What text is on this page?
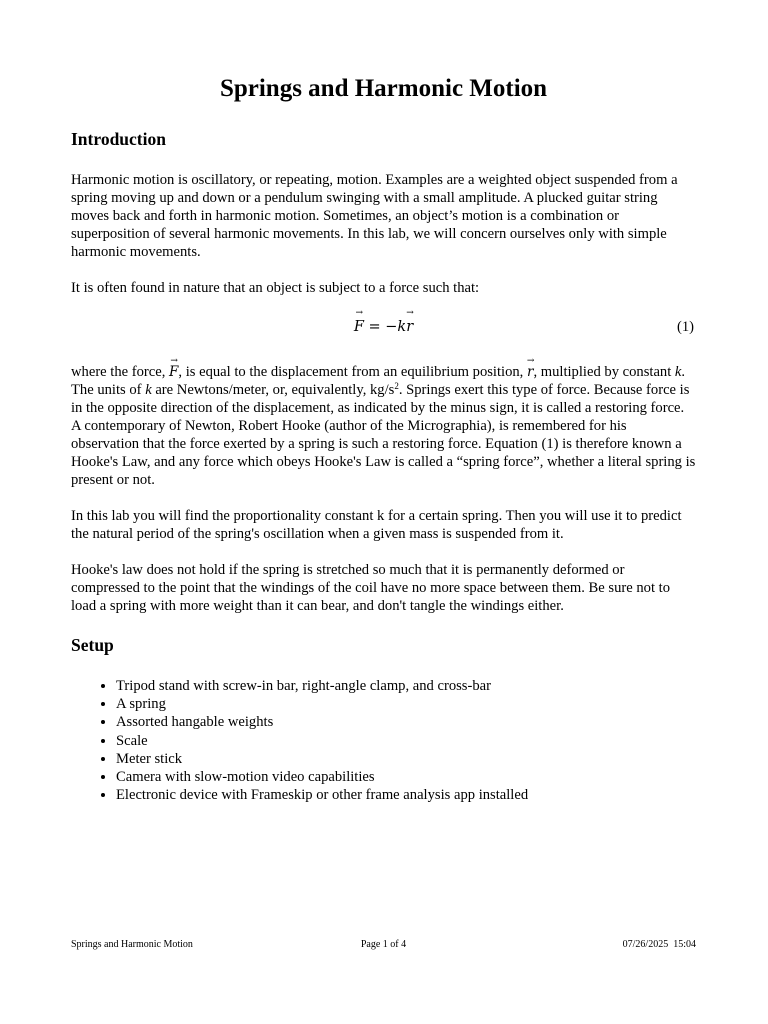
Springs and Harmonic Motion
Introduction

Harmonic motion is oscillatory, or repeating, motion. Examples are a weighted object suspended from a spring moving up and down or a pendulum swinging with a small amplitude. A plucked guitar string moves back and forth in harmonic motion. Sometimes, an object’s motion is a combination or superposition of several harmonic movements. In this lab, we will concern ourselves only with simple harmonic movements.

It is often found in nature that an object is subject to a force such that:

→ F = −k→ r	(1)

where the force, → F, is equal to the displacement from an equilibrium position, → r, multiplied by constant k. The units of k are Newtons/meter, or, equivalently, $kg/s^2$. Springs exert this type of force. Because force is in the opposite direction of the displacement, as indicated by the minus sign, it is called a restoring force. A contemporary of Newton, Robert Hooke (author of the Micrographia), is remembered for his observation that the force exerted by a spring is such a restoring force. Equation (1) is therefore known a Hooke's Law, and any force which obeys Hooke's Law is called a “spring force”, whether a literal spring is present or not.

In this lab you will find the proportionality constant k for a certain spring. Then you will use it to predict the natural period of the spring's oscillation when a given mass is suspended from it.

Hooke's law does not hold if the spring is stretched so much that it is permanently deformed or compressed to the point that the windings of the coil have no more space between them. Be sure not to load a spring with more weight than it can bear, and don't tangle the windings either.

Setup
• Tripod stand with screw-in bar, right-angle clamp, and cross-bar
• A spring
• Assorted hangable weights
• Scale
• Meter stick
• Camera with slow-motion video capabilities
• Electronic device with Frameskip or other frame analysis app installed
Springs and Harmonic Motion	Page 1 of 4	07/26/2025  15:04
